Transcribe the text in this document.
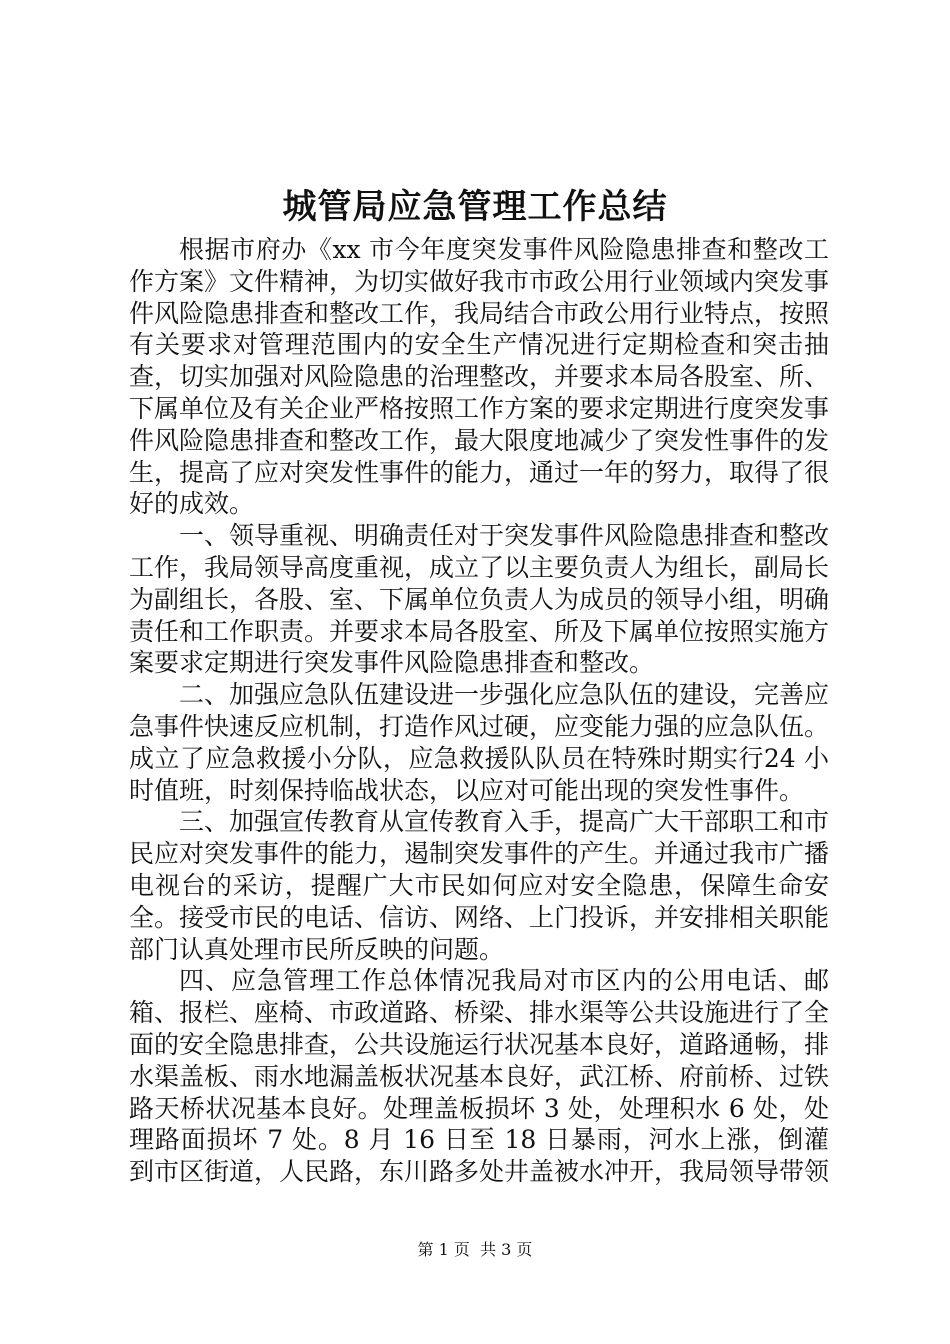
城管局应急管理工作总结

根据市府办《xx 市今年度突发事件风险隐患排查和整改工作方案》文件精神，为切实做好我市市政公用行业领域内突发事件风险隐患排查和整改工作，我局结合市政公用行业特点，按照有关要求对管理范围内的安全生产情况进行定期检查和突击抽查，切实加强对风险隐患的治理整改，并要求本局各股室、所、下属单位及有关企业严格按照工作方案的要求定期进行度突发事件风险隐患排查和整改工作，最大限度地减少了突发性事件的发生，提高了应对突发性事件的能力，通过一年的努力，取得了很好的成效。

一、领导重视、明确责任对于突发事件风险隐患排查和整改工作，我局领导高度重视，成立了以主要负责人为组长，副局长为副组长，各股、室、下属单位负责人为成员的领导小组，明确责任和工作职责。并要求本局各股室、所及下属单位按照实施方案要求定期进行突发事件风险隐患排查和整改。

二、加强应急队伍建设进一步强化应急队伍的建设，完善应急事件快速反应机制，打造作风过硬，应变能力强的应急队伍。成立了应急救援小分队，应急救援队队员在特殊时期实行24 小时值班，时刻保持临战状态，以应对可能出现的突发性事件。

三、加强宣传教育从宣传教育入手，提高广大干部职工和市民应对突发事件的能力，遏制突发事件的产生。并通过我市广播电视台的采访，提醒广大市民如何应对安全隐患，保障生命安全。接受市民的电话、信访、网络、上门投诉，并安排相关职能部门认真处理市民所反映的问题。

四、应急管理工作总体情况我局对市区内的公用电话、邮箱、报栏、座椅、市政道路、桥梁、排水渠等公共设施进行了全面的安全隐患排查，公共设施运行状况基本良好，道路通畅，排水渠盖板、雨水地漏盖板状况基本良好，武江桥、府前桥、过铁路天桥状况基本良好。处理盖板损坏 3 处，处理积水 6 处，处理路面损坏 7 处。8 月 16 日至 18 日暴雨，河水上涨，倒灌到市区街道，人民路，东川路多处井盖被水冲开，我局领导带领

第 1 页  共 3 页
